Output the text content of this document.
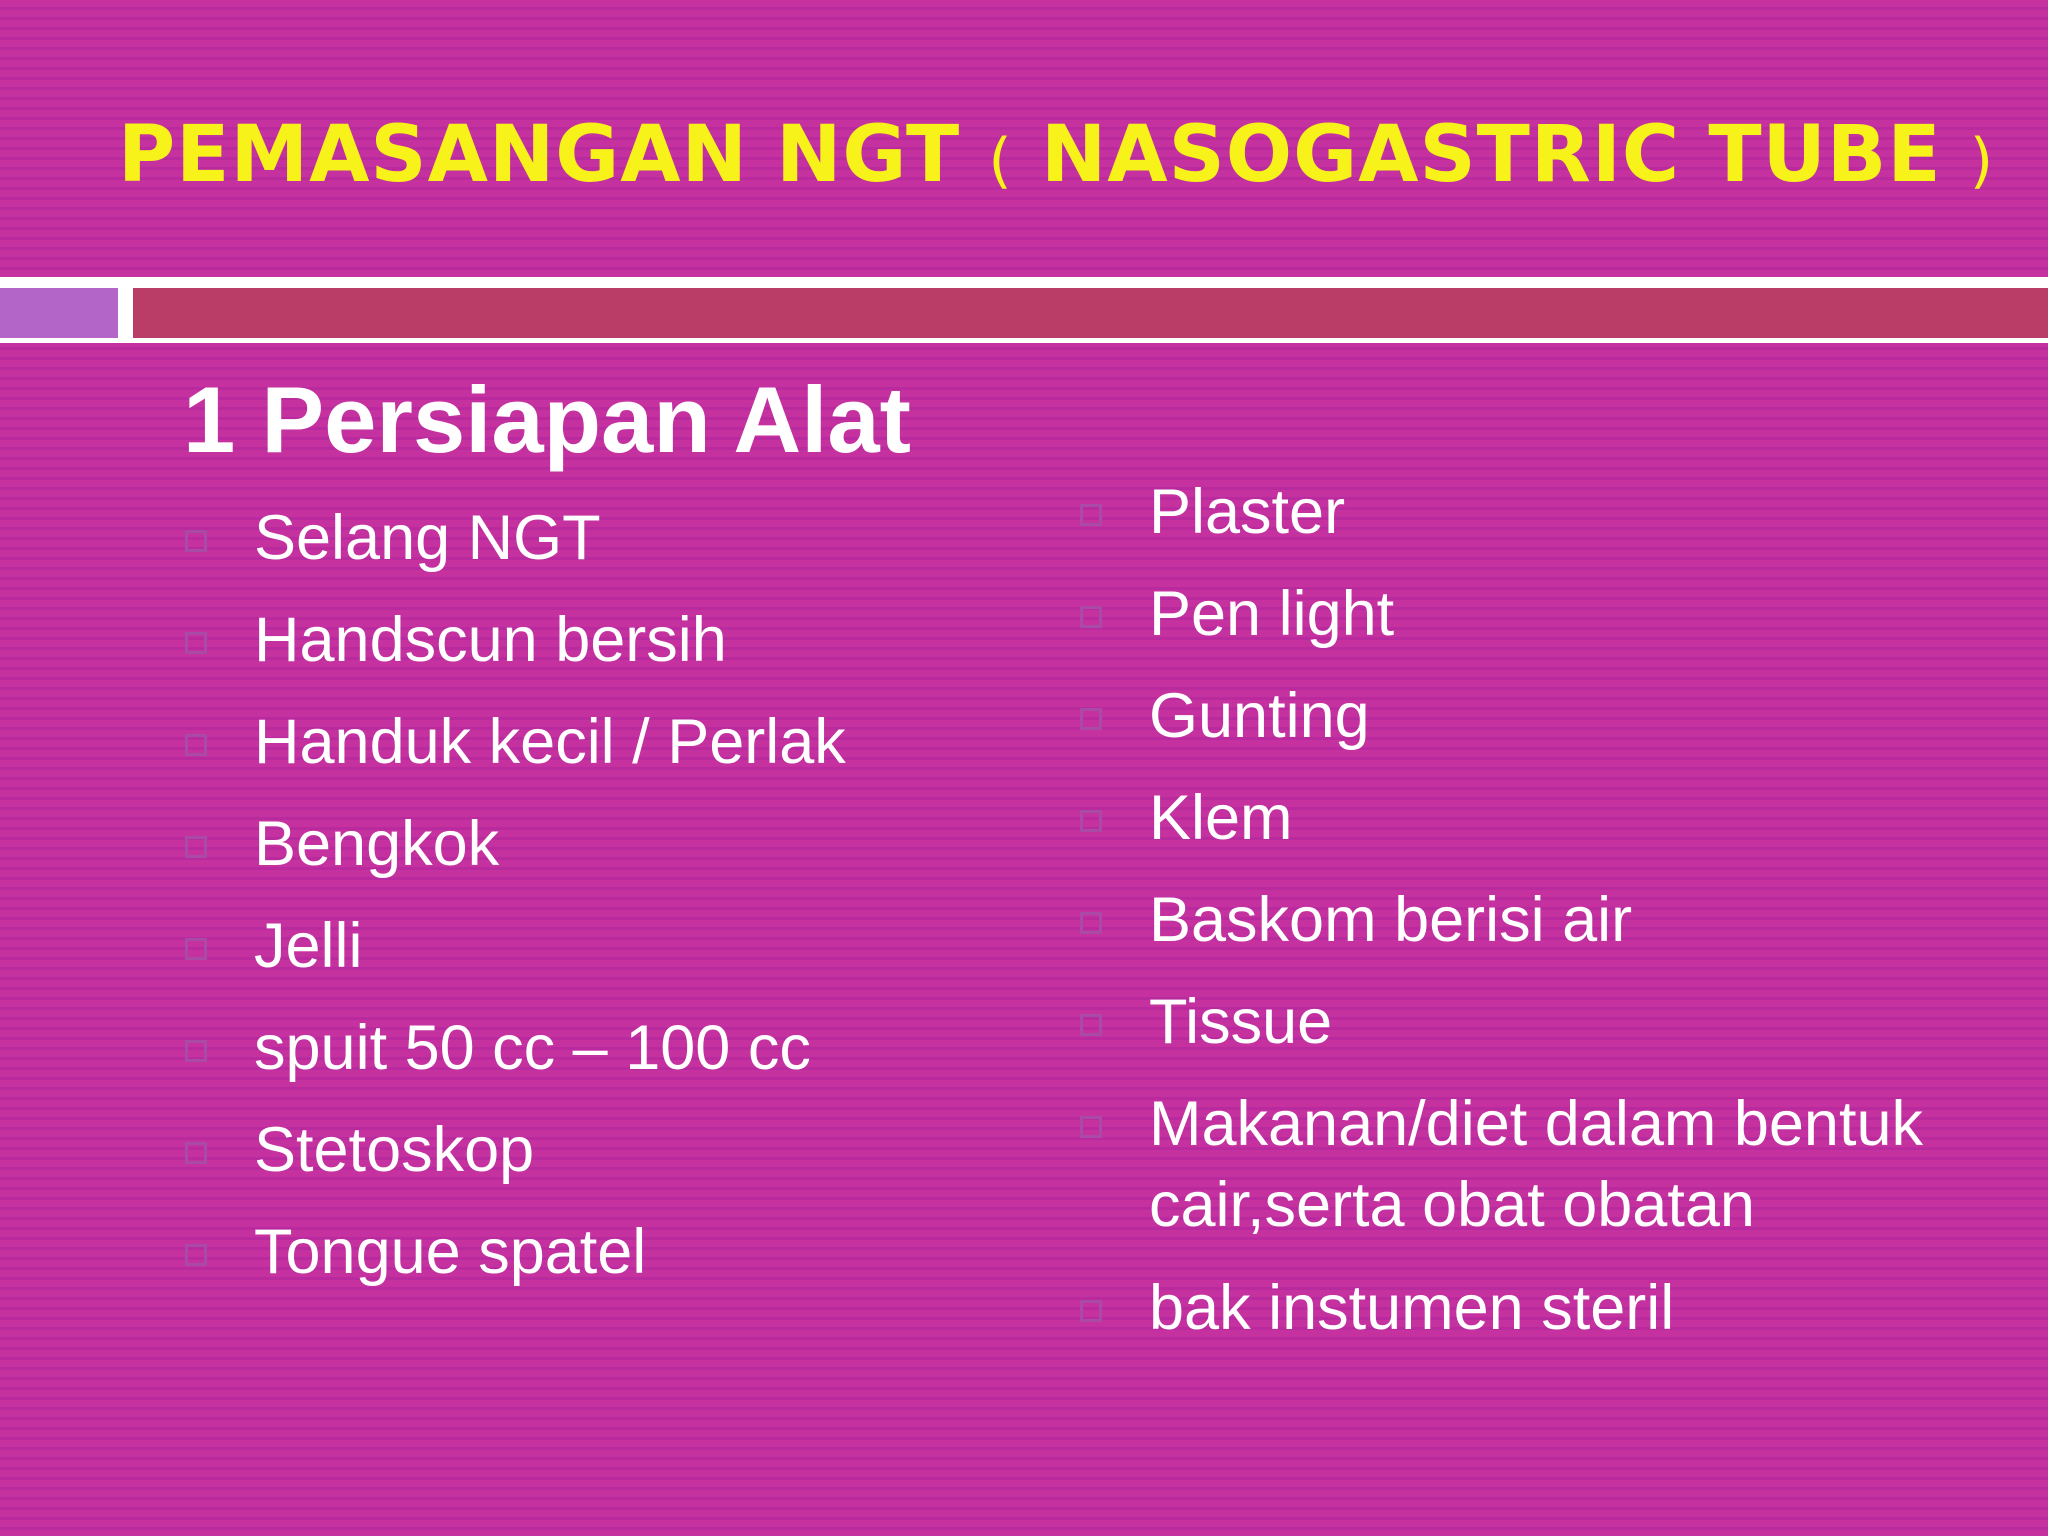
PEMASANGAN NGT ( NASOGASTRIC TUBE )
1 Persiapan Alat
Selang NGT
Handscun bersih
Handuk kecil / Perlak
Bengkok
Jelli
spuit 50 cc – 100 cc
Stetoskop
Tongue spatel
Plaster
Pen light
Gunting
Klem
Baskom berisi air
Tissue
Makanan/diet dalam bentuk cair,serta obat obatan
bak instumen steril
